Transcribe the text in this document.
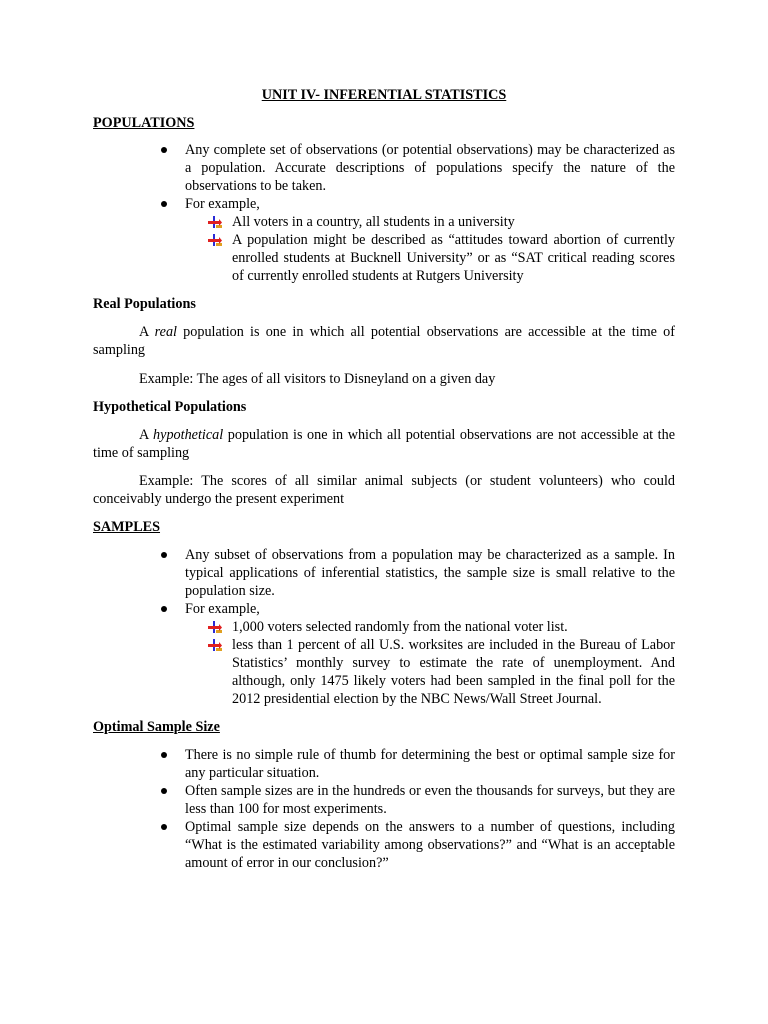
UNIT IV- INFERENTIAL STATISTICS

POPULATIONS

Any complete set of observations (or potential observations) may be characterized as a population. Accurate descriptions of populations specify the nature of the observations to be taken.
For example,
All voters in a country, all students in a university
A population might be described as “attitudes toward abortion of currently enrolled students at Bucknell University” or as “SAT critical reading scores of currently enrolled students at Rutgers University

Real Populations

A real population is one in which all potential observations are accessible at the time of sampling

Example: The ages of all visitors to Disneyland on a given day

Hypothetical Populations

A hypothetical population is one in which all potential observations are not accessible at the time of sampling

Example: The scores of all similar animal subjects (or student volunteers) who could conceivably undergo the present experiment

SAMPLES

Any subset of observations from a population may be characterized as a sample. In typical applications of inferential statistics, the sample size is small relative to the population size.
For example,
1,000 voters selected randomly from the national voter list.
less than 1 percent of all U.S. worksites are included in the Bureau of Labor Statistics’ monthly survey to estimate the rate of unemployment. And although, only 1475 likely voters had been sampled in the final poll for the 2012 presidential election by the NBC News/Wall Street Journal.

Optimal Sample Size

There is no simple rule of thumb for determining the best or optimal sample size for any particular situation.
Often sample sizes are in the hundreds or even the thousands for surveys, but they are less than 100 for most experiments.
Optimal sample size depends on the answers to a number of questions, including “What is the estimated variability among observations?” and “What is an acceptable amount of error in our conclusion?”
